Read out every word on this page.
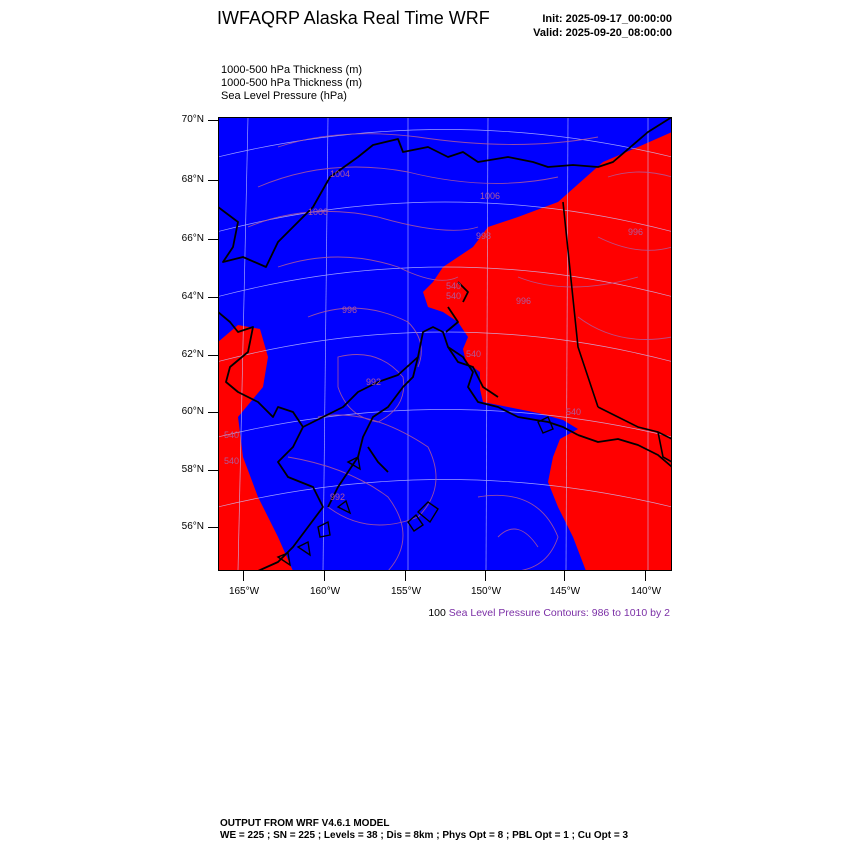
IWFAQRP Alaska Real Time WRF	Init: 2025-09-17_00:00:00
Valid: 2025-09-20_08:00:00
1000-500 hPa Thickness (m)
1000-500 hPa Thickness (m)
Sea Level Pressure (hPa)
1004
1000
1006
998
540
540
996
996
540
992
540
540
540
992
996
70°N
68°N
66°N
64°N
62°N
60°N
58°N
56°N
165°W	160°W	155°W	150°W	145°W	140°W
100 Sea Level Pressure Contours: 986 to 1010 by 2
OUTPUT FROM WRF V4.6.1 MODEL
WE = 225 ; SN = 225 ; Levels = 38 ; Dis = 8km ; Phys Opt = 8 ; PBL Opt = 1 ; Cu Opt = 3
